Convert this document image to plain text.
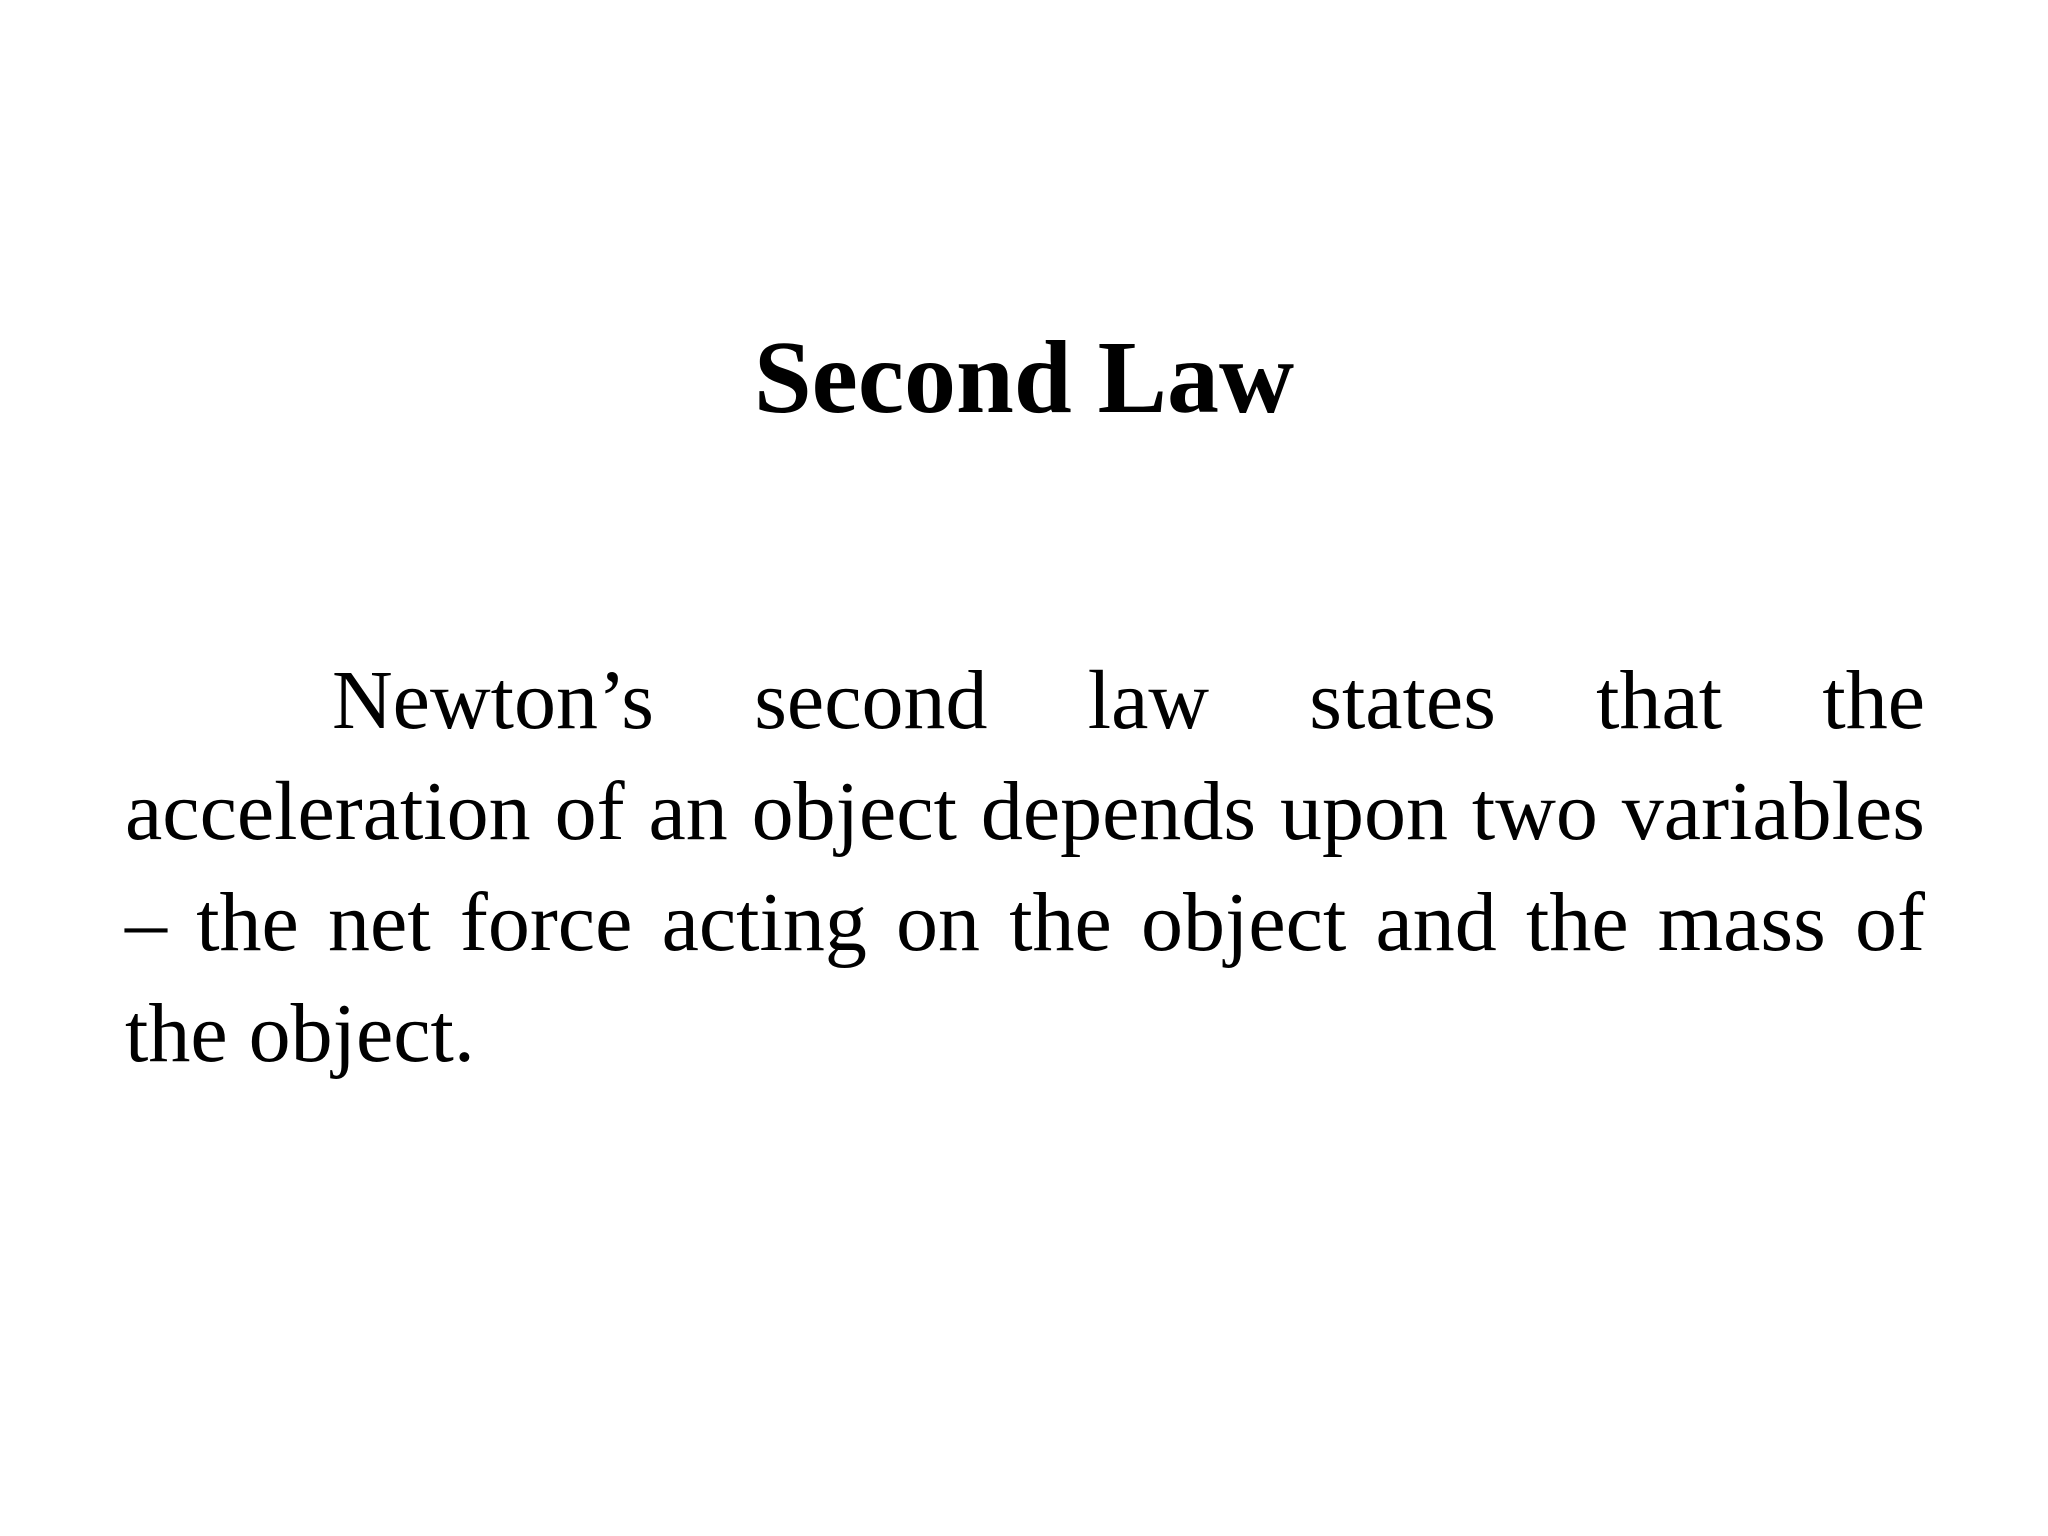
Second Law

Newton’s second law states that the acceleration of an object depends upon two variables – the net force acting on the object and the mass of the object.
